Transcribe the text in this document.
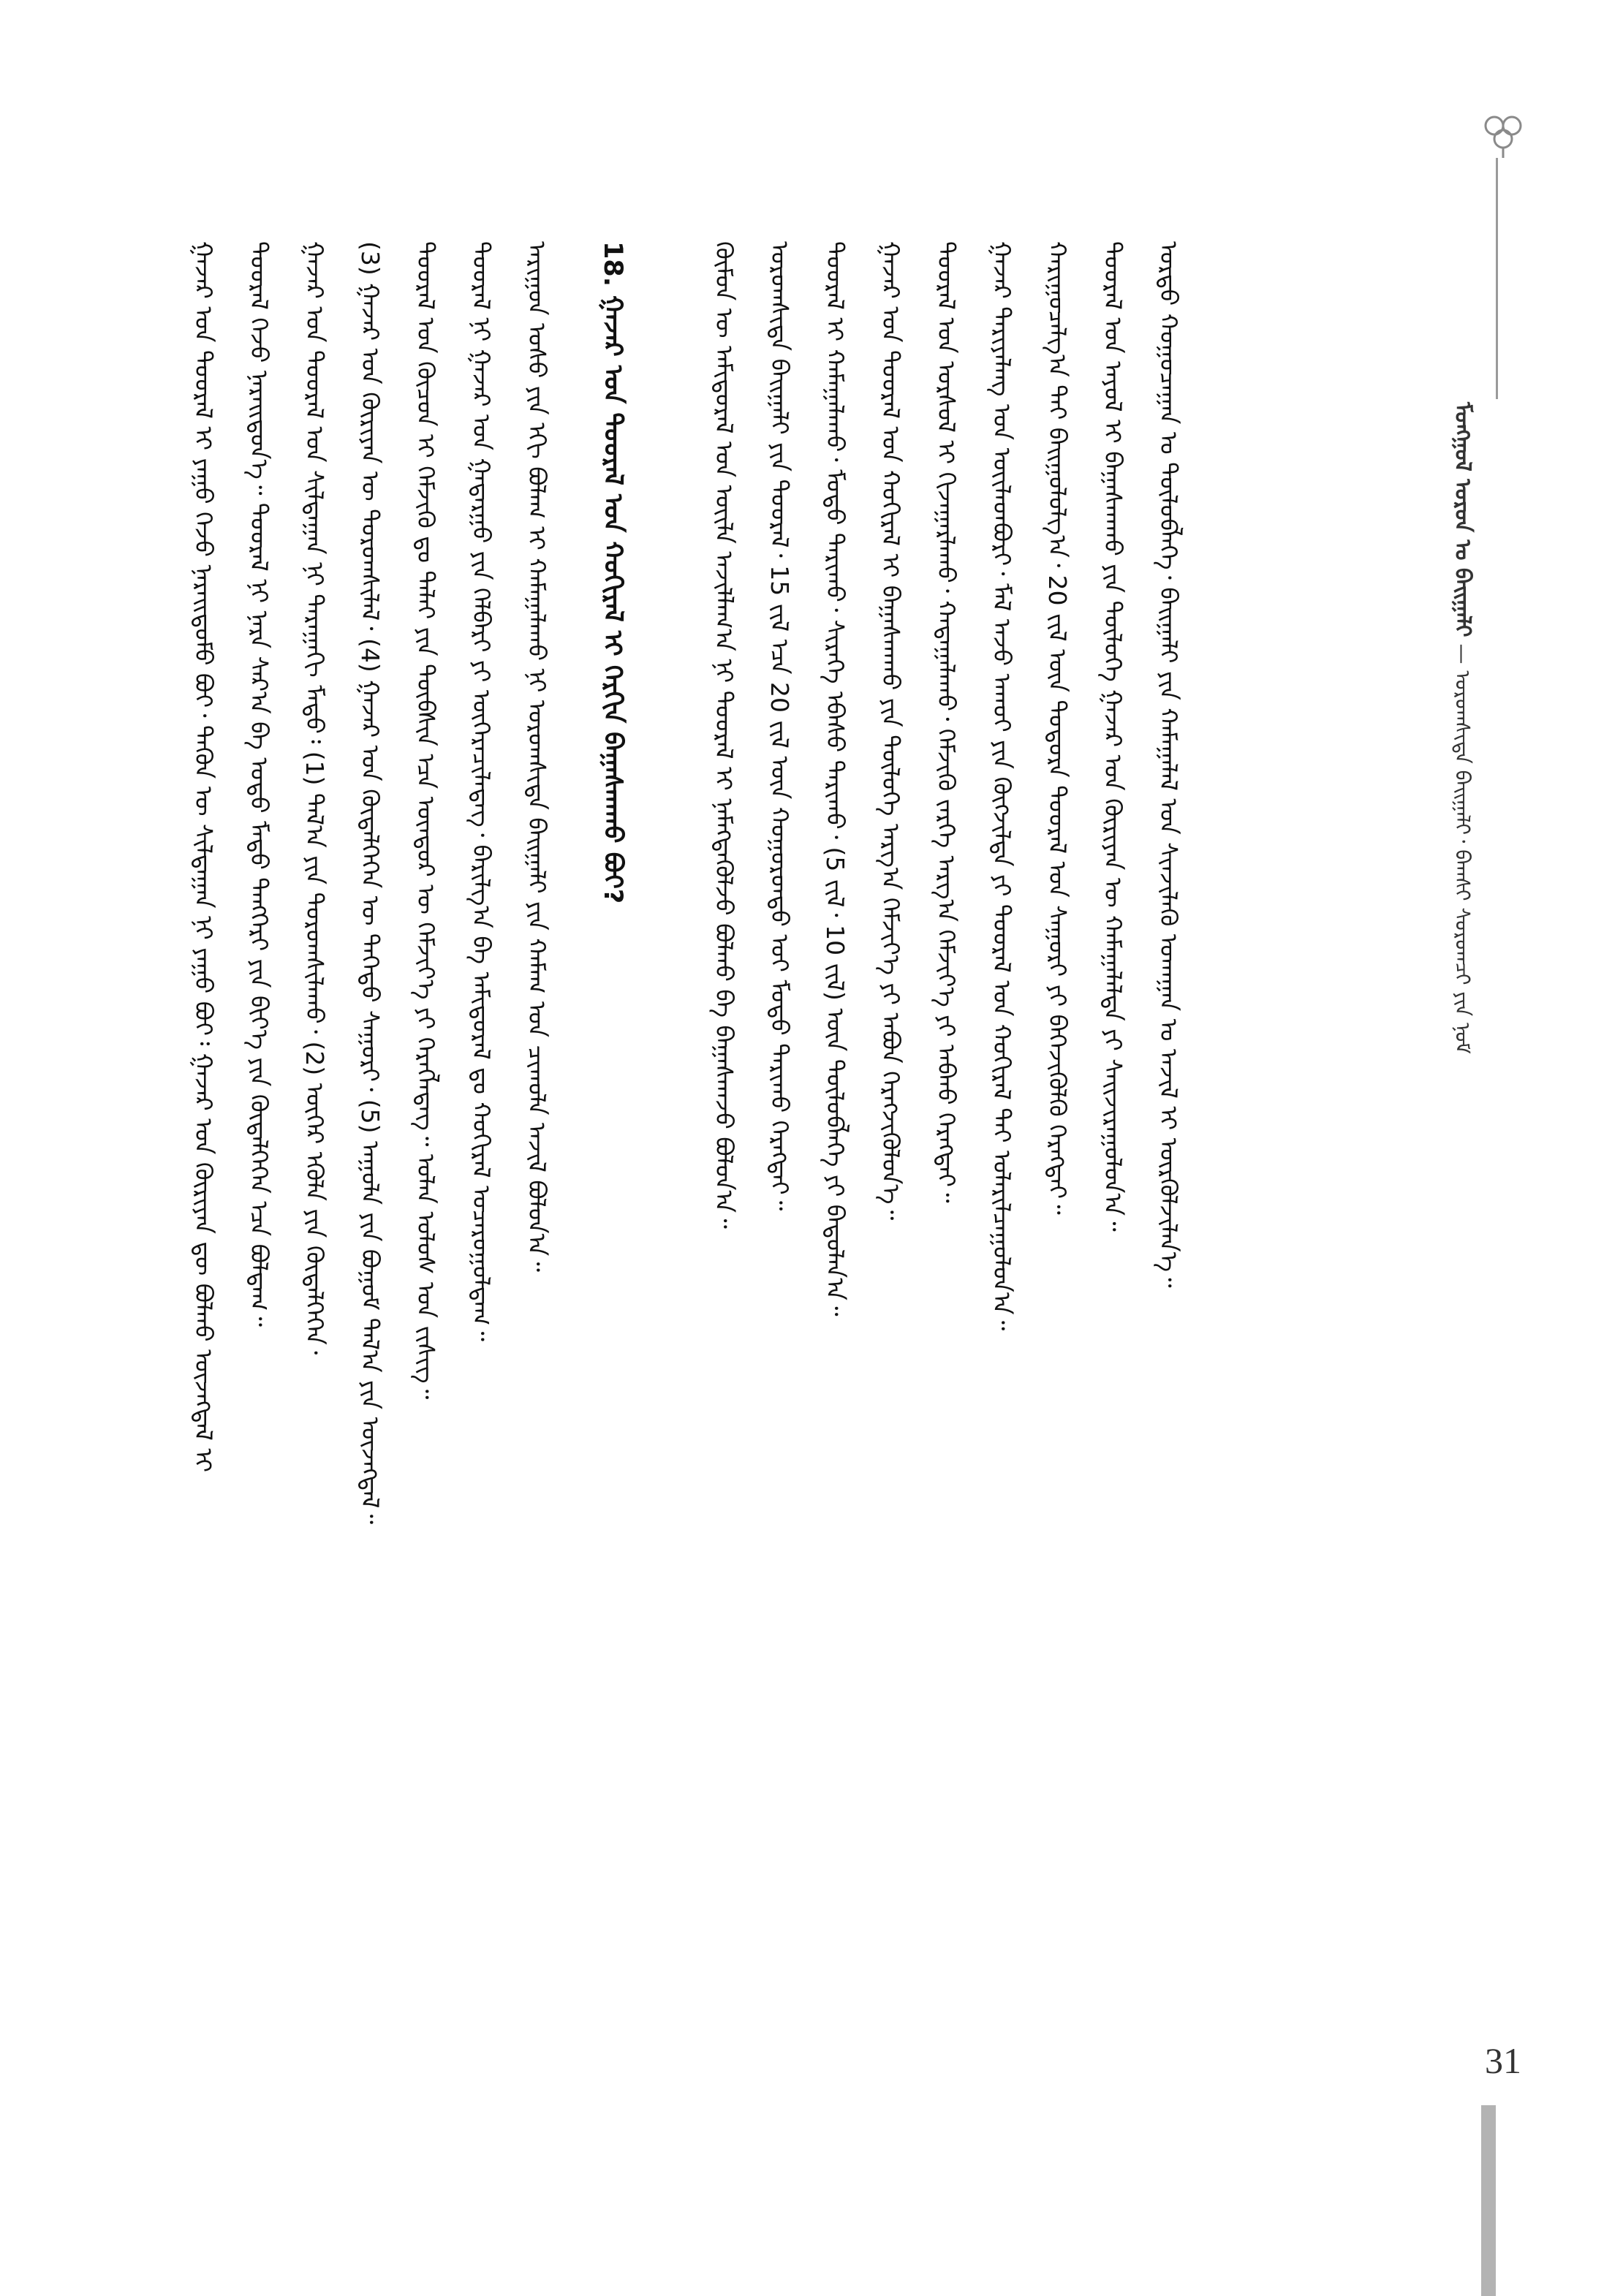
ᠮᠣᠩᠭᠣᠯ ᠣᠷᠤᠨ ᠤ ᠪᠠᠢᠭᠠᠯᠢ — ᠤᠷᠤᠭᠰᠢᠳᠠ ᠪᠠᠢᠭᠠᠯᠢ᠂ ᠪᠠᠭᠰᠢ ᠰᠤᠷᠤᠭᠴᠢ ᠶᠢᠨ ᠨᠣᠮ
ᠭᠠᠵᠠᠷ ᠤᠨ ᠲᠤᠤᠷᠠᠯ ᠢ ᠶᠠᠭᠤ ᠭᠡᠵᠦ ᠨᠡᠷᠡᠢᠳᠦᠮᠦ ᠪᠤᠢ᠂ ᠲᠡᠭᠦᠨ ᠦ ᠰᠢᠯᠲᠠᠭᠠᠨ ᠨᠢ ᠶᠠᠭᠤ ᠪᠤᠢ᠄ ᠭᠠᠵᠠᠷ ᠤᠨ ᠬᠦᠷᠢᠶᠡᠨ ᠳᠦ ᠪᠣᠯᠬᠤ ᠦᠵᠡᠭᠳᠡᠯ ᠢ ᠲᠤᠤᠷᠠᠯ ᠭᠡᠵᠦ ᠨᠡᠷᠡᠢᠳᠦᠨ᠎ᠡ᠃ ᠲᠤᠤᠷᠠᠯ ᠨᠢ ᠨᠠᠷᠠ ᠰᠠᠷ᠎ᠠ ᠪᠠ ᠣᠳᠤ ᠮᠡᠳᠦ ᠲᠡᠩᠭᠡᠷᠢ ᠶᠢᠨ ᠪᠢᠶ᠎ᠡ ᠶᠢᠨ ᠬᠥᠳᠡᠯᠭᠡᠭᠡᠨ ᠡᠴᠡ ᠪᠣᠯᠳᠠᠭ᠃ ᠭᠠᠵᠠᠷ ᠤᠨ ᠲᠤᠤᠷᠠᠯ ᠤᠨ ᠰᠢᠯᠲᠠᠭᠠᠨ ᠨᠢ ᠳᠠᠷᠠᠭᠠᠬᠢ ᠮᠡᠲᠦ᠄ (1) ᠲᠠᠯ᠎ᠠ ᠶᠢᠨ ᠳᠣᠷᠣᠭᠰᠢᠯᠠᠬᠤ᠂ (2) ᠦᠬᠡᠷ ᠡᠭᠦᠯᠡ ᠶᠢᠨ ᠬᠥᠳᠡᠯᠭᠡᠭᠡᠨ᠂ (3) ᠭᠠᠵᠠᠷ ᠤᠨ ᠬᠥᠷᠢᠶᠡᠨ ᠦ ᠳᠣᠷᠣᠭᠰᠢᠯᠠᠯ᠂ (4) ᠭᠠᠵᠠᠷ ᠤᠨ ᠬᠥᠳᠡᠯᠭᠡᠭᠡᠨ ᠦ ᠲᠡᠭᠡᠳᠦ ᠰᠠᠭᠤᠷᠢ᠂ (5) ᠠᠭᠤᠯᠠ ᠶᠢᠨ ᠪᠣᠭᠣᠮ ᠲᠠᠯ᠎ᠠ ᠶᠢᠨ ᠦᠵᠡᠭᠳᠡᠯ᠃ ᠲᠤᠤᠷᠠᠯ ᠤᠨ ᠬᠦᠴᠦᠨ ᠢ ᠬᠡᠮᠵᠢᠬᠦ ᠳᠤ ᠳᠠᠯᠠᠢ ᠶᠢᠨ ᠲᠥᠪᠰᠢᠨ ᠡᠴᠡ ᠦᠨᠳᠦᠷ ᠦ ᠬᠡᠮᠵᠢᠶ᠎ᠡ ᠶᠢ ᠬᠡᠷᠡᠭᠯᠡᠳᠡᠭ᠃ ᠣᠯᠠᠨ ᠤᠯᠤᠰ ᠤᠨ ᠵᠢᠱᠢᠭ᠃ ᠲᠤᠤᠷᠠᠯ ᠨᠢ ᠭᠠᠵᠠᠷ ᠤᠨ ᠭᠠᠳᠠᠷᠭᠤ ᠶᠢᠨ ᠬᠡᠯᠪᠡᠷᠢ ᠶᠢ ᠥᠭᠡᠷᠡᠴᠢᠯᠡᠳᠡᠭ᠂ ᠪᠠᠷᠢᠯᠭ᠎ᠠ ᠪᠠ ᠠᠮᠢᠳᠤᠷᠠᠯ ᠳᠤ ᠬᠣᠬᠢᠷᠠᠯ ᠤᠴᠠᠷᠤᠭᠤᠯᠳᠠᠭ᠃ ᠠᠷᠢᠭᠤᠨ ᠤᠰᠤ ᠶᠢᠨ ᠡᠬᠢ ᠪᠤᠯᠠᠭ ᠢ ᠬᠠᠮᠠᠭᠠᠯᠠᠬᠤ ᠨᠢ ᠤᠷᠤᠭᠰᠢᠳᠠ ᠪᠠᠢᠭᠠᠯᠢ ᠶᠢᠨ ᠬᠠᠮᠠᠭ ᠤᠨ ᠴᠢᠬᠤᠯᠠ ᠠᠵᠢᠯ ᠪᠣᠯᠤᠨ᠎ᠠ᠃ 18. ᠭᠠᠵᠠᠷ ᠤᠨ ᠲᠤᠤᠷᠠᠯ ᠤᠨ ᠬᠣᠬᠢᠷᠠᠯ ᠢ ᠬᠡᠷᠬᠢᠨ ᠪᠠᠭᠠᠰᠭᠠᠬᠤ ᠪᠤᠢ?	ᠬᠦᠮᠦᠨ ᠦ ᠠᠮᠢᠳᠤᠷᠠᠯ ᠤᠨ ᠦᠢᠯᠡ ᠠᠵᠢᠯᠯᠠᠭ᠎ᠠ ᠨᠢ ᠲᠤᠤᠷᠠᠯ ᠢ ᠨᠡᠮᠡᠭᠳᠡᠭᠦᠯᠵᠦ ᠪᠣᠯᠬᠤ ᠪᠠ ᠪᠠᠭᠠᠰᠭᠠᠵᠤ ᠪᠣᠯᠤᠨ᠎ᠠ᠃ ᠤᠷᠤᠭᠰᠢᠳᠠ ᠪᠠᠢᠭᠠᠯᠢ ᠶᠢᠨ ᠲᠤᠤᠷᠠᠯ᠂ 15 ᠵᠢᠯ ᠡᠴᠡ 20 ᠵᠢᠯ ᠦᠨ ᠬᠣᠭᠣᠷᠣᠨᠳᠤ ᠣᠢ ᠮᠣᠳᠣ ᠲᠠᠷᠢᠬᠤ ᠬᠡᠷᠡᠭᠲᠡᠢ᠃ ᠲᠤᠤᠷᠠᠯ ᠢ ᠬᠠᠮᠠᠭᠠᠯᠠᠬᠤ᠂ ᠮᠣᠳᠣ ᠲᠠᠷᠢᠬᠤ᠂ ᠰᠢᠷᠡᠭᠡ ᠡᠪᠡᠰᠦ ᠲᠠᠷᠢᠬᠤ᠂ (5 ᠵᠢᠯ᠂ 10 ᠵᠢᠯ) ᠦᠨ ᠲᠥᠯᠥᠪᠯᠡᠭᠡ ᠶᠢ ᠪᠠᠲᠤᠯᠠᠨ᠎ᠠ᠃ ᠭᠠᠵᠠᠷ ᠤᠨ ᠲᠤᠤᠷᠠᠯ ᠤᠨ ᠬᠣᠬᠢᠷᠠᠯ ᠢ ᠪᠠᠭᠠᠰᠭᠠᠬᠤ ᠶᠢᠨ ᠲᠥᠯᠥᠭᠡ ᠠᠷᠭ᠎ᠠ ᠬᠡᠮᠵᠢᠶ᠎ᠡ ᠶᠢ ᠠᠪᠤᠨ ᠬᠡᠷᠡᠭᠵᠢᠭᠦᠯᠦᠨ᠎ᠡ᠃ ᠲᠤᠤᠷᠠᠯ ᠤᠨ ᠤᠷᠰᠤᠯ ᠢ ᠬᠢᠵᠠᠭᠠᠷᠯᠠᠬᠤ᠂ ᠬᠠᠳᠠᠭᠠᠯᠠᠬᠤ᠂ ᠬᠡᠮᠵᠢᠬᠦ ᠵᠡᠷᠭᠡ ᠠᠷᠭ᠎ᠠ ᠬᠡᠮᠵᠢᠶ᠎ᠡ ᠶᠢ ᠠᠪᠬᠤ ᠬᠡᠷᠡᠭᠲᠡᠢ᠃ ᠭᠠᠵᠠᠷ ᠲᠠᠷᠢᠶᠠᠯᠠᠩ ᠤᠨ ᠦᠢᠯᠡᠳᠪᠦᠷᠢ᠂ ᠮᠠᠯ ᠠᠵᠤ ᠠᠬᠤᠢ ᠶᠢᠨ ᠬᠥᠭᠵᠢᠯᠲᠡ ᠶᠢ ᠲᠤᠤᠷᠠᠯ ᠤᠨ ᠬᠣᠬᠢᠷᠠᠯ ᠲᠠᠢ ᠤᠯᠠᠷᠢᠯᠴᠠᠭᠤᠯᠤᠨ᠎ᠠ᠃ ᠬᠠᠷᠢᠭᠤᠴᠠᠯᠭ᠎ᠠ ᠲᠠᠢ ᠪᠠᠢᠭᠤᠯᠤᠯᠭ᠎ᠠ᠂ 20 ᠵᠢᠯ ᠦᠨ ᠳᠣᠲᠣᠷᠠ ᠲᠤᠤᠷᠠᠯ ᠤᠨ ᠰᠠᠭᠤᠷᠢ ᠶᠢ ᠪᠡᠬᠡᠵᠢᠭᠦᠯᠬᠦ ᠬᠡᠷᠡᠭᠲᠡᠢ᠃ ᠲᠤᠤᠷᠠᠯ ᠤᠨ ᠠᠶᠤᠯ ᠢ ᠪᠠᠭᠠᠰᠭᠠᠬᠤ ᠶᠢᠨ ᠲᠥᠯᠥᠭᠡ ᠭᠠᠵᠠᠷ ᠤᠨ ᠬᠦᠷᠢᠶᠡᠨ ᠦ ᠬᠠᠮᠠᠭᠠᠯᠠᠯᠲᠠ ᠶᠢ ᠰᠠᠢᠵᠢᠷᠠᠭᠤᠯᠤᠨ᠎ᠠ᠃ ᠤᠷᠲᠤ ᠬᠤᠭᠤᠴᠠᠭᠠᠨ ᠤ ᠲᠥᠯᠥᠪᠯᠡᠭᠡ᠂ ᠪᠠᠢᠭᠠᠯᠢ ᠶᠢᠨ ᠬᠠᠮᠠᠭᠠᠯᠠᠯ ᠤᠨ ᠰᠢᠨᠵᠢᠯᠡᠬᠦ ᠤᠬᠠᠭᠠᠨ ᠤ ᠠᠵᠢᠯ ᠢ ᠦᠷᠭᠦᠯᠵᠢᠯᠡᠨ᠎ᠡ᠃
31
